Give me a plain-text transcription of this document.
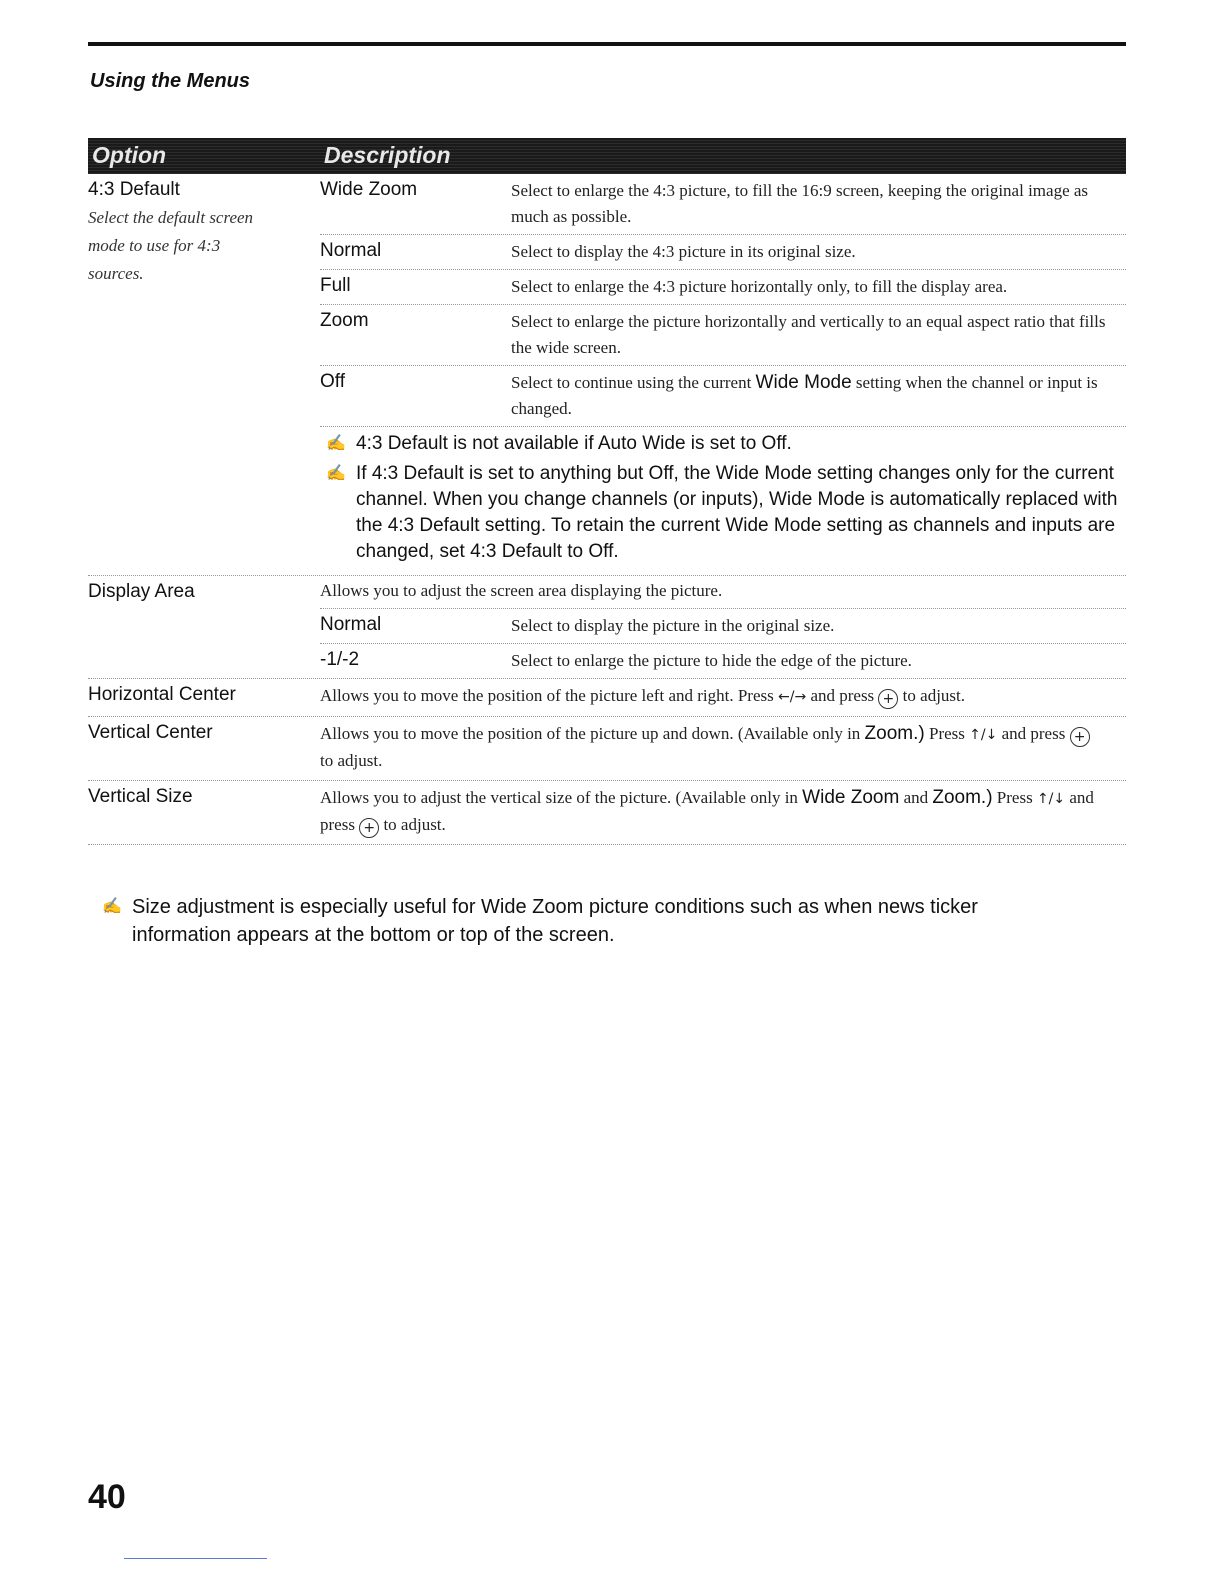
Using the Menus
Option	Description
4:3 Default
Select the default screen mode to use for 4:3 sources.
Wide Zoom	Select to enlarge the 4:3 picture, to fill the 16:9 screen, keeping the original image as much as possible.
Normal	Select to display the 4:3 picture in its original size.
Full	Select to enlarge the 4:3 picture horizontally only, to fill the display area.
Zoom	Select to enlarge the picture horizontally and vertically to an equal aspect ratio that fills the wide screen.
Off	Select to continue using the current Wide Mode setting when the channel or input is changed.
✍ 4:3 Default is not available if Auto Wide is set to Off.
✍ If 4:3 Default is set to anything but Off, the Wide Mode setting changes only for the current channel. When you change channels (or inputs), Wide Mode is automatically replaced with the 4:3 Default setting. To retain the current Wide Mode setting as channels and inputs are changed, set 4:3 Default to Off.
Display Area	Allows you to adjust the screen area displaying the picture.
Normal	Select to display the picture in the original size.
-1/-2	Select to enlarge the picture to hide the edge of the picture.
Horizontal Center	Allows you to move the position of the picture left and right. Press ←/→ and press + to adjust.
Vertical Center	Allows you to move the position of the picture up and down. (Available only in Zoom.) Press ↑/↓ and press + to adjust.
Vertical Size	Allows you to adjust the vertical size of the picture. (Available only in Wide Zoom and Zoom.) Press ↑/↓ and press + to adjust.
✍ Size adjustment is especially useful for Wide Zoom picture conditions such as when news ticker information appears at the bottom or top of the screen.
40
